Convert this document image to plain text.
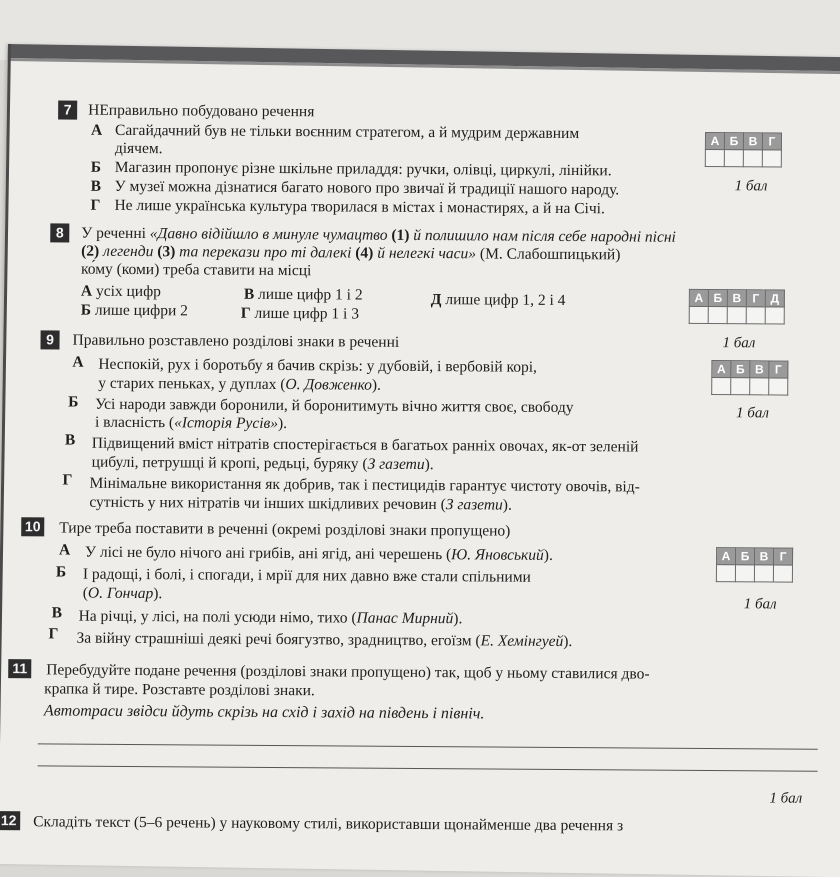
7	НЕправильно побудовано речення
А Сагайдачний був не тільки воєнним стратегом, а й мудрим державним
діячем.
Б Магазин пропонує різне шкільне приладдя: ручки, олівці, циркулі, лінійки.
В У музеї можна дізнатися багато нового про звичаї й традиції нашого народу.
Г Не лише українська культура творилася в містах і монастирях, а й на Січі.
А	Б	В	Г

1 бал
8	У реченні «Давно відійшло в минуле чумацтво (1) й полишило нам після себе народні пісні
(2) легенди (3) та перекази про ті далекі (4) й нелегкі часи» (М. Слабошпицький)
ко́му (коми) треба ставити на місці
А усіх цифр	В лише цифр 1 і 2	Д лише цифр 1, 2 і 4
Б лише цифри 2	Г лише цифр 1 і 3
А	Б	В	Г	Д

1 бал
9	Правильно розставлено розділові знаки в реченні
А Неспокій, рух і боротьбу я бачив скрізь: у дубовій, і вербовій корі,
у старих пеньках, у дуплах (О. Довженко).
Б Усі народи завжди боронили, й боронитимуть вічно життя своє, свободу
і власність («Історія Русів»).
В Підвищений вміст нітратів спостерігається в багатьох ранніх овочах, як-от зеленій
цибулі, петрушці й кропі, редьці, буряку (З газети).
Г Мінімальне використання як добрив, так і пестицидів гарантує чистоту овочів, від-
сутність у них нітратів чи інших шкідливих речовин (З газети).
А	Б	В	Г

1 бал
10 Тире треба поставити в реченні (окремі розділові знаки пропущено)
А У лісі не було нічого ані грибів, ані ягід, ані черешень (Ю. Яновський).
Б І радощі, і болі, і спогади, і мрії для них давно вже стали спільними
(О. Гончар).
В На річці, у лісі, на полі усюди німо, тихо (Панас Мирний).
Г За війну страшніші деякі речі боягузтво, зрадництво, егоїзм (Е. Хемінгуей).
А	Б	В	Г

1 бал
11 Перебудуйте подане речення (розділові знаки пропущено) так, щоб у ньому ставилися дво-
крапка й тире. Розставте розділові знаки.
Автотраси звідси йдуть скрізь на схід і захід на південь і північ.
1 бал
12 Складіть текст (5–6 речень) у науковому стилі, використавши щонайменше два речення з
